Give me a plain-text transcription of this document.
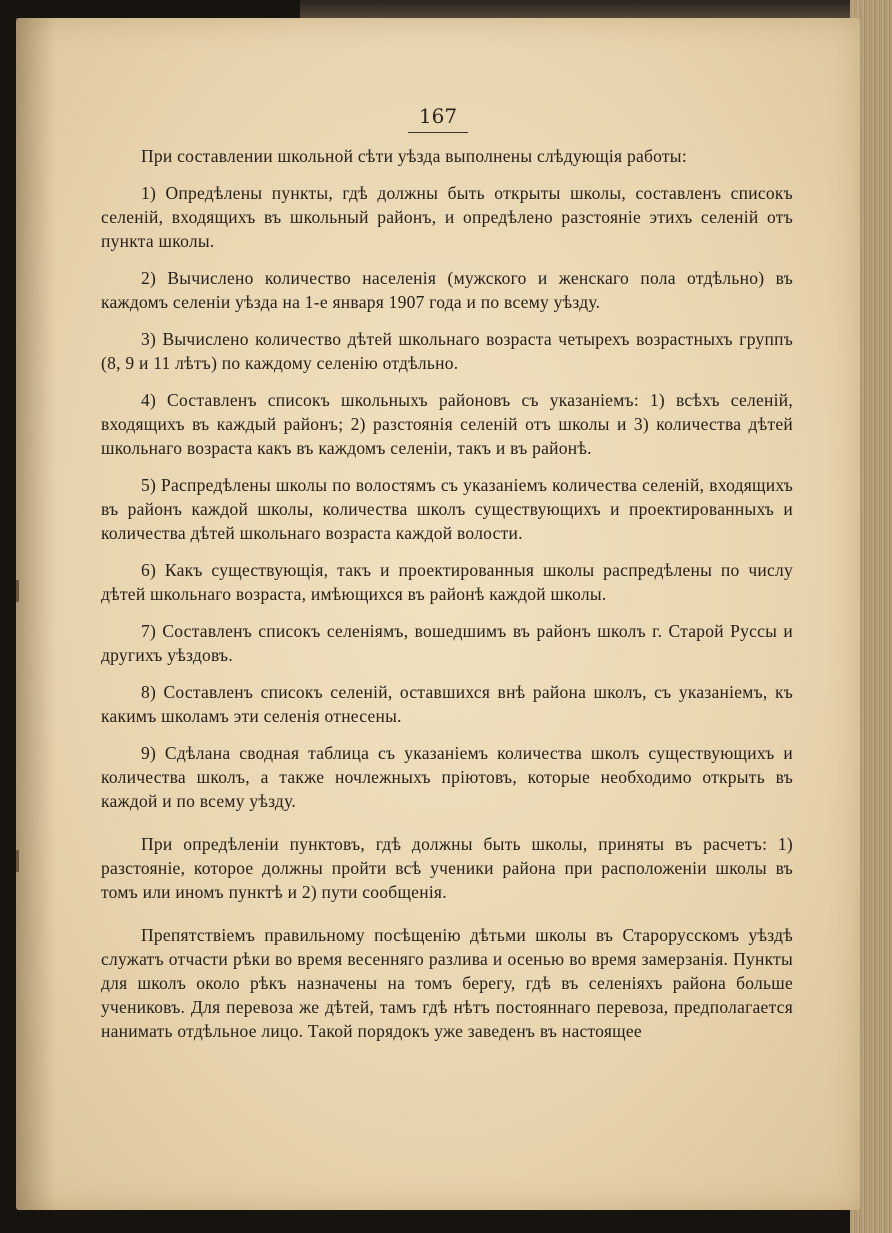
167

При составлении школьной сѣти уѣзда выполнены слѣдующія работы:

1) Опредѣлены пункты, гдѣ должны быть открыты школы, составленъ списокъ селеній, входящихъ въ школьный районъ, и опредѣлено разстояніе этихъ селеній отъ пункта школы.

2) Вычислено количество населенія (мужского и женскаго пола отдѣльно) въ каждомъ селеніи уѣзда на 1-е января 1907 года и по всему уѣзду.

3) Вычислено количество дѣтей школьнаго возраста четырехъ возрастныхъ группъ (8, 9 и 11 лѣтъ) по каждому селенію отдѣльно.

4) Составленъ списокъ школьныхъ районовъ съ указаніемъ: 1) всѣхъ селеній, входящихъ въ каждый районъ; 2) разстоянія селеній отъ школы и 3) количества дѣтей школьнаго возраста какъ въ каждомъ селеніи, такъ и въ районѣ.

5) Распредѣлены школы по волостямъ съ указаніемъ количества селеній, входящихъ въ районъ каждой школы, количества школъ существующихъ и проектированныхъ и количества дѣтей школьнаго возраста каждой волости.

6) Какъ существующія, такъ и проектированныя школы распредѣлены по числу дѣтей школьнаго возраста, имѣющихся въ районѣ каждой школы.

7) Составленъ списокъ селеніямъ, вошедшимъ въ районъ школъ г. Старой Руссы и другихъ уѣздовъ.

8) Составленъ списокъ селеній, оставшихся внѣ района школъ, съ указаніемъ, къ какимъ школамъ эти селенія отнесены.

9) Сдѣлана сводная таблица съ указаніемъ количества школъ существующихъ и количества школъ, а также ночлежныхъ пріютовъ, которые необходимо открыть въ каждой и по всему уѣзду.

При опредѣленіи пунктовъ, гдѣ должны быть школы, приняты въ расчетъ: 1) разстояніе, которое должны пройти всѣ ученики района при расположеніи школы въ томъ или иномъ пунктѣ и 2) пути сообщенія.

Препятствіемъ правильному посѣщенію дѣтьми школы въ Старорусскомъ уѣздѣ служатъ отчасти рѣки во время весенняго разлива и осенью во время замерзанія. Пункты для школъ около рѣкъ назначены на томъ берегу, гдѣ въ селеніяхъ района больше учениковъ. Для перевоза же дѣтей, тамъ гдѣ нѣтъ постояннаго перевоза, предполагается нанимать отдѣльное лицо. Такой порядокъ уже заведенъ въ настоящее
